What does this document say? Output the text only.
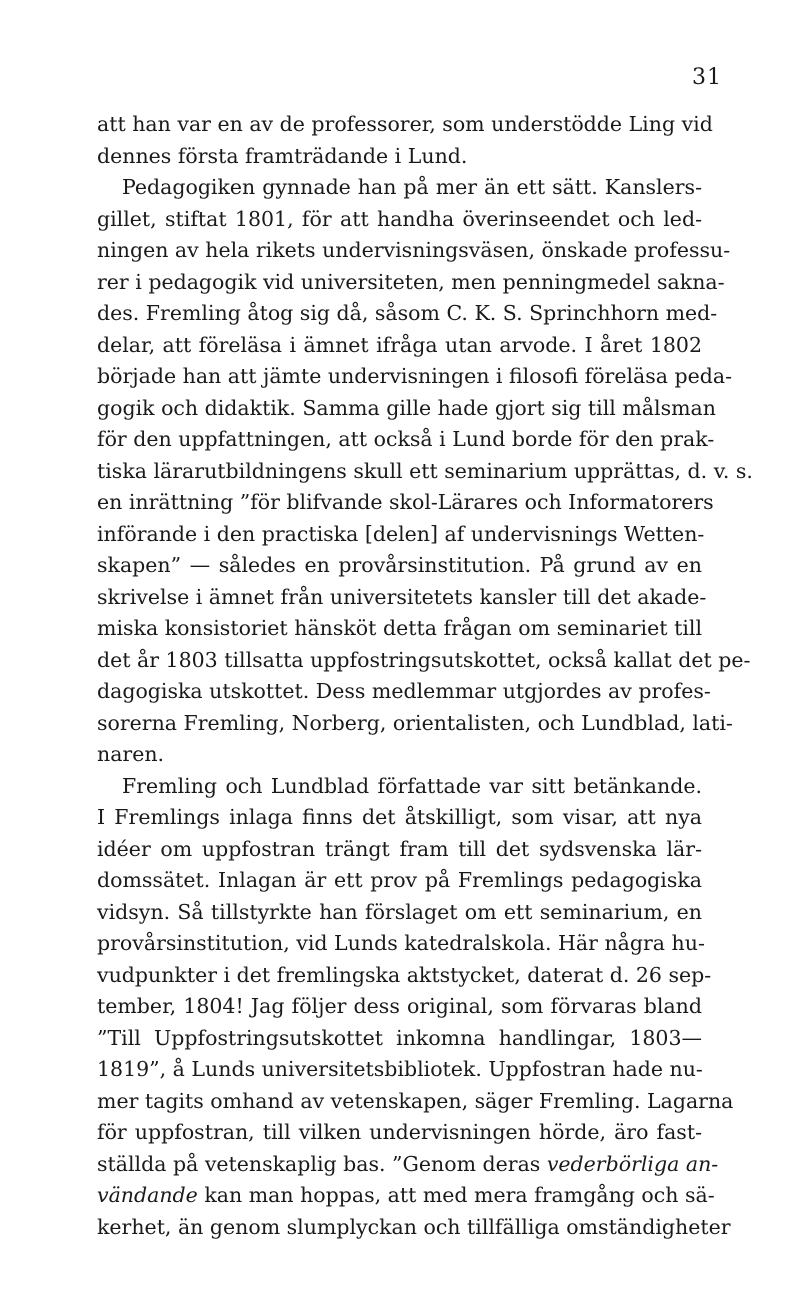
31
att han var en av de professorer, som understödde Ling vid
dennes första framträdande i Lund.
Pedagogiken gynnade han på mer än ett sätt. Kanslers-
gillet, stiftat 1801, för att handha överinseendet och led-
ningen av hela rikets undervisningsväsen, önskade professu-
rer i pedagogik vid universiteten, men penningmedel sakna-
des. Fremling åtog sig då, såsom C. K. S. Sprinchhorn med-
delar, att föreläsa i ämnet ifråga utan arvode. I året 1802
började han att jämte undervisningen i filosofi föreläsa peda-
gogik och didaktik. Samma gille hade gjort sig till målsman
för den uppfattningen, att också i Lund borde för den prak-
tiska lärarutbildningens skull ett seminarium upprättas, d. v. s.
en inrättning ”för blifvande skol-Lärares och Informatorers
införande i den practiska [delen] af undervisnings Wetten-
skapen” — således en provårsinstitution. På grund av en
skrivelse i ämnet från universitetets kansler till det akade-
miska konsistoriet hänsköt detta frågan om seminariet till
det år 1803 tillsatta uppfostringsutskottet, också kallat det pe-
dagogiska utskottet. Dess medlemmar utgjordes av profes-
sorerna Fremling, Norberg, orientalisten, och Lundblad, lati-
naren.
Fremling och Lundblad författade var sitt betänkande.
I Fremlings inlaga finns det åtskilligt, som visar, att nya
idéer om uppfostran trängt fram till det sydsvenska lär-
domssätet. Inlagan är ett prov på Fremlings pedagogiska
vidsyn. Så tillstyrkte han förslaget om ett seminarium, en
provårsinstitution, vid Lunds katedralskola. Här några hu-
vudpunkter i det fremlingska aktstycket, daterat d. 26 sep-
tember, 1804! Jag följer dess original, som förvaras bland
”Till Uppfostringsutskottet inkomna handlingar, 1803—
1819”, å Lunds universitetsbibliotek. Uppfostran hade nu-
mer tagits omhand av vetenskapen, säger Fremling. Lagarna
för uppfostran, till vilken undervisningen hörde, äro fast-
ställda på vetenskaplig bas. ”Genom deras vederbörliga an-
vändande kan man hoppas, att med mera framgång och sä-
kerhet, än genom slumplyckan och tillfälliga omständigheter
